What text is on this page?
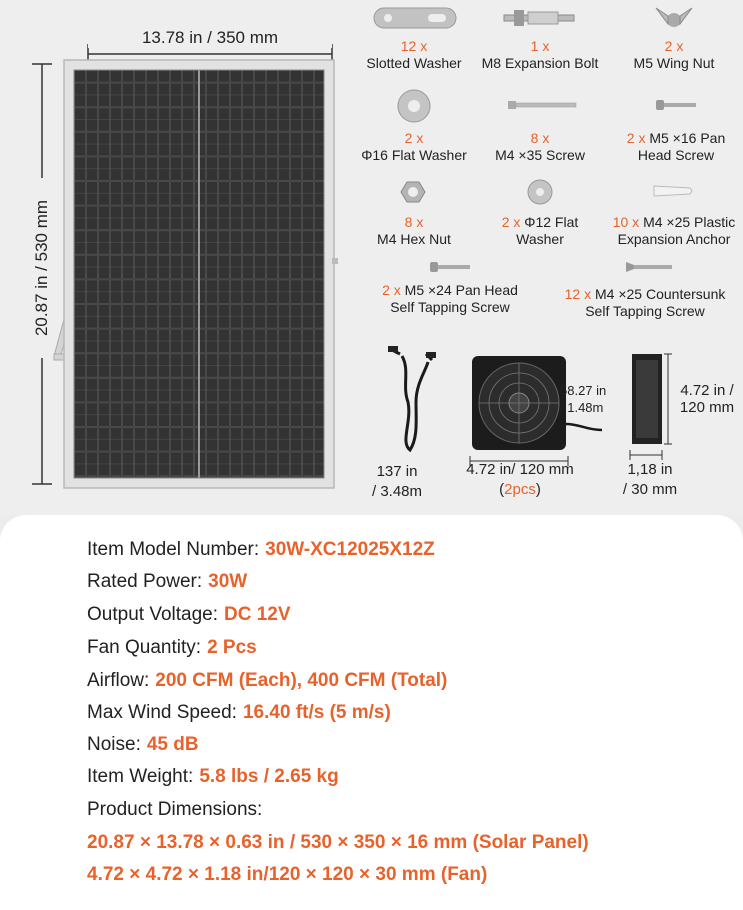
13.78 in / 350 mm
20.87 in / 530 mm
12 x
Slotted Washer
1 x
M8 Expansion Bolt
2 x
M5 Wing Nut
2 x
Φ16 Flat Washer
8 x
M4 ×35 Screw
2 x M5 ×16 Pan
Head Screw
8 x
M4 Hex Nut
2 x Φ12 Flat
Washer
10 x M4 ×25 Plastic
Expansion Anchor
2 x M5 ×24 Pan Head
Self Tapping Screw
12 x M4 ×25 Countersunk
Self Tapping Screw
137 in
/ 3.48m
58.27 in
/ 1.48m
4.72 in/ 120 mm
(2pcs)
4.72 in /
120 mm
1,18 in
/ 30 mm
Item Model Number: 30W-XC12025X12Z
Rated Power: 30W
Output Voltage: DC 12V
Fan Quantity: 2 Pcs
Airflow: 200 CFM (Each), 400 CFM (Total)
Max Wind Speed: 16.40 ft/s (5 m/s)
Noise: 45 dB
Item Weight: 5.8 lbs / 2.65 kg
Product Dimensions:
20.87 × 13.78 × 0.63 in / 530 × 350 × 16 mm (Solar Panel)
4.72 × 4.72 × 1.18 in/120 × 120 × 30 mm (Fan)
